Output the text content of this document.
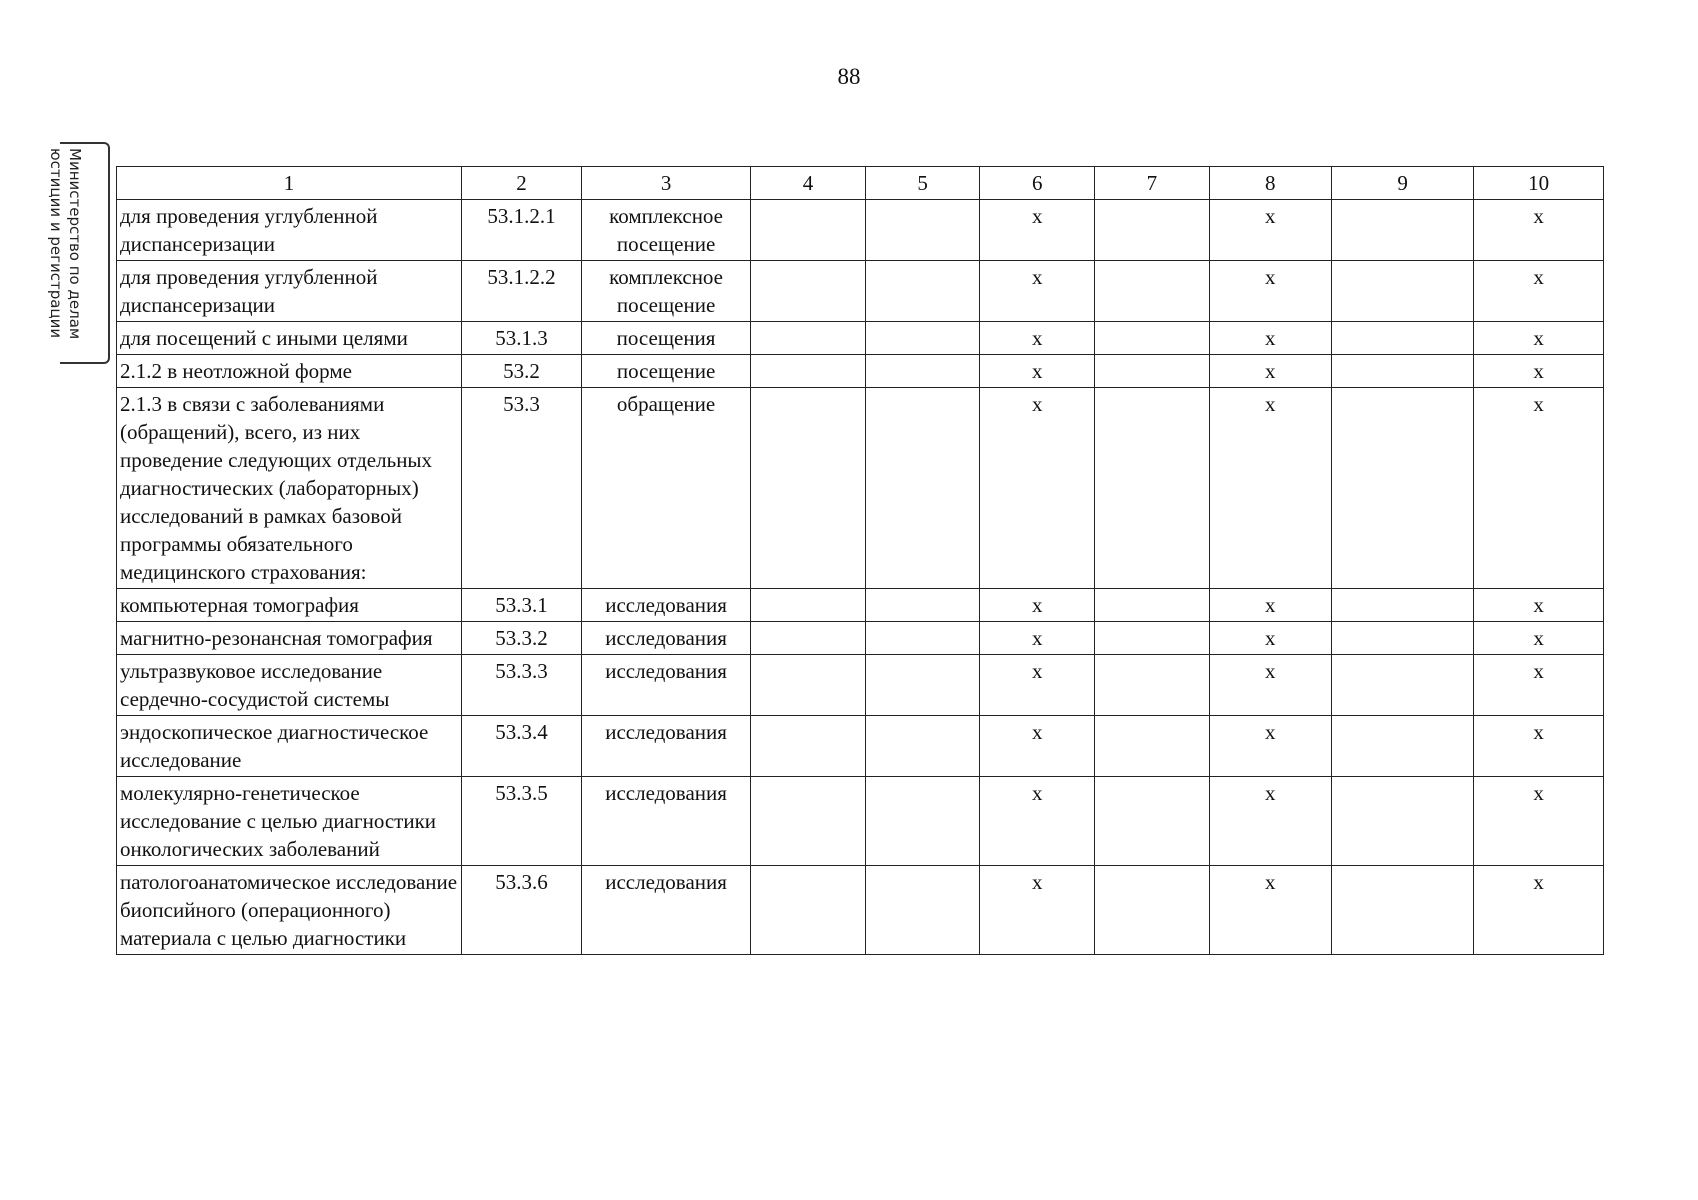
88
Министерство по делам
юстиции и регистрации	1	2	3	4	5	6	7	8	9	10
для проведения углубленной диспансеризации	53.1.2.1	комплексное посещение			x		x		x
для проведения углубленной диспансеризации	53.1.2.2	комплексное посещение			x		x		x
для посещений с иными целями	53.1.3	посещения			x		x		x
2.1.2 в неотложной форме	53.2	посещение			x		x		x
2.1.3 в связи с заболеваниями (обращений), всего, из них проведение следующих отдельных диагностических (лабораторных) исследований в рамках базовой программы обязательного медицинского страхования:	53.3	обращение			x		x		x
компьютерная томография	53.3.1	исследования			x		x		x
магнитно-резонансная томография	53.3.2	исследования			x		x		x
ультразвуковое исследование сердечно-сосудистой системы	53.3.3	исследования			x		x		x
эндоскопическое диагностическое исследование	53.3.4	исследования			x		x		x
молекулярно-генетическое исследование с целью диагностики онкологических заболеваний	53.3.5	исследования			x		x		x
патологоанатомическое исследование биопсийного (операционного) материала с целью диагностики	53.3.6	исследования			x		x		x
